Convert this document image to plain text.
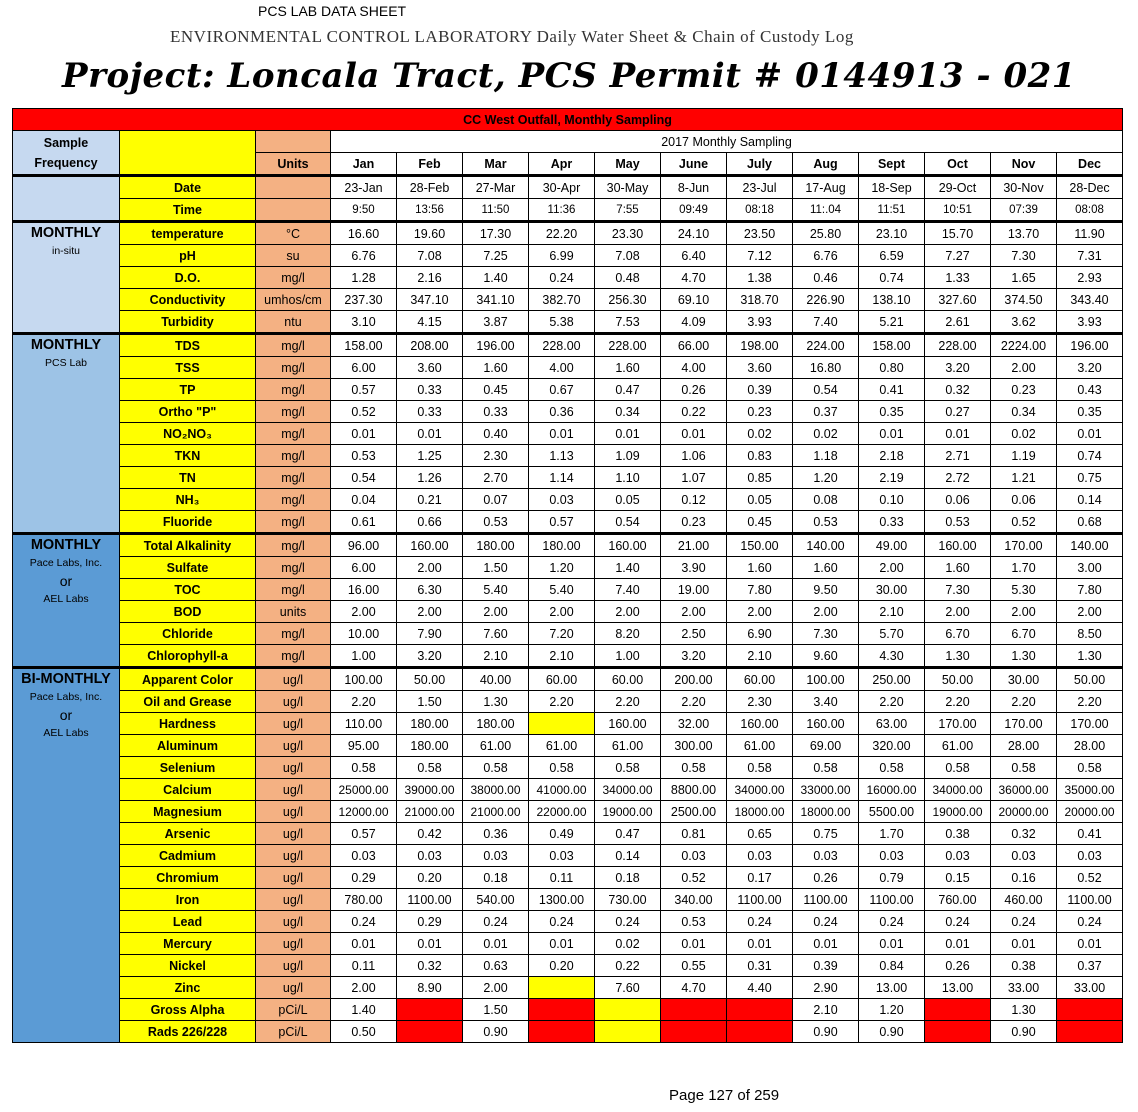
PCS LAB DATA SHEET
ENVIRONMENTAL CONTROL LABORATORY Daily Water Sheet & Chain of Custody Log
Project: Loncala Tract, PCS Permit # 0144913 - 021
CC West Outfall, Monthly Sampling														

Sample
Frequency			2017 Monthly Sampling											
		Units	Jan	Feb	Mar	Apr	May	June	July	Aug	Sept	Oct	Nov	Dec
	Date		23-Jan	28-Feb	27-Mar	30-Apr	30-May	8-Jun	23-Jul	17-Aug	18-Sep	29-Oct	30-Nov	28-Dec
	Time		9:50	13:56	11:50	11:36	7:55	09:49	08:18	11:.04	11:51	10:51	07:39	08:08

MONTHLY
in-situ	temperature	°C	16.60	19.60	17.30	22.20	23.30	24.10	23.50	25.80	23.10	15.70	13.70	11.90
	pH	su	6.76	7.08	7.25	6.99	7.08	6.40	7.12	6.76	6.59	7.27	7.30	7.31
	D.O.	mg/l	1.28	2.16	1.40	0.24	0.48	4.70	1.38	0.46	0.74	1.33	1.65	2.93
	Conductivity	umhos/cm	237.30	347.10	341.10	382.70	256.30	69.10	318.70	226.90	138.10	327.60	374.50	343.40
	Turbidity	ntu	3.10	4.15	3.87	5.38	7.53	4.09	3.93	7.40	5.21	2.61	3.62	3.93

MONTHLY
PCS Lab	TDS	mg/l	158.00	208.00	196.00	228.00	228.00	66.00	198.00	224.00	158.00	228.00	2224.00	196.00
	TSS	mg/l	6.00	3.60	1.60	4.00	1.60	4.00	3.60	16.80	0.80	3.20	2.00	3.20
	TP	mg/l	0.57	0.33	0.45	0.67	0.47	0.26	0.39	0.54	0.41	0.32	0.23	0.43
	Ortho "P"	mg/l	0.52	0.33	0.33	0.36	0.34	0.22	0.23	0.37	0.35	0.27	0.34	0.35
	NO₂NO₃	mg/l	0.01	0.01	0.40	0.01	0.01	0.01	0.02	0.02	0.01	0.01	0.02	0.01
	TKN	mg/l	0.53	1.25	2.30	1.13	1.09	1.06	0.83	1.18	2.18	2.71	1.19	0.74
	TN	mg/l	0.54	1.26	2.70	1.14	1.10	1.07	0.85	1.20	2.19	2.72	1.21	0.75
	NH₃	mg/l	0.04	0.21	0.07	0.03	0.05	0.12	0.05	0.08	0.10	0.06	0.06	0.14
	Fluoride	mg/l	0.61	0.66	0.53	0.57	0.54	0.23	0.45	0.53	0.33	0.53	0.52	0.68

MONTHLY
Pace Labs, Inc.
or
AEL Labs	Total Alkalinity	mg/l	96.00	160.00	180.00	180.00	160.00	21.00	150.00	140.00	49.00	160.00	170.00	140.00
	Sulfate	mg/l	6.00	2.00	1.50	1.20	1.40	3.90	1.60	1.60	2.00	1.60	1.70	3.00
	TOC	mg/l	16.00	6.30	5.40	5.40	7.40	19.00	7.80	9.50	30.00	7.30	5.30	7.80
	BOD	units	2.00	2.00	2.00	2.00	2.00	2.00	2.00	2.00	2.10	2.00	2.00	2.00
	Chloride	mg/l	10.00	7.90	7.60	7.20	8.20	2.50	6.90	7.30	5.70	6.70	6.70	8.50
	Chlorophyll-a	mg/l	1.00	3.20	2.10	2.10	1.00	3.20	2.10	9.60	4.30	1.30	1.30	1.30

BI-MONTHLY
Pace Labs, Inc.
or
AEL Labs	Apparent Color	ug/l	100.00	50.00	40.00	60.00	60.00	200.00	60.00	100.00	250.00	50.00	30.00	50.00
	Oil and Grease	ug/l	2.20	1.50	1.30	2.20	2.20	2.20	2.30	3.40	2.20	2.20	2.20	2.20
	Hardness	ug/l	110.00	180.00	180.00		160.00	32.00	160.00	160.00	63.00	170.00	170.00	170.00
	Aluminum	ug/l	95.00	180.00	61.00	61.00	61.00	300.00	61.00	69.00	320.00	61.00	28.00	28.00
	Selenium	ug/l	0.58	0.58	0.58	0.58	0.58	0.58	0.58	0.58	0.58	0.58	0.58	0.58
	Calcium	ug/l	25000.00	39000.00	38000.00	41000.00	34000.00	8800.00	34000.00	33000.00	16000.00	34000.00	36000.00	35000.00
	Magnesium	ug/l	12000.00	21000.00	21000.00	22000.00	19000.00	2500.00	18000.00	18000.00	5500.00	19000.00	20000.00	20000.00
	Arsenic	ug/l	0.57	0.42	0.36	0.49	0.47	0.81	0.65	0.75	1.70	0.38	0.32	0.41
	Cadmium	ug/l	0.03	0.03	0.03	0.03	0.14	0.03	0.03	0.03	0.03	0.03	0.03	0.03
	Chromium	ug/l	0.29	0.20	0.18	0.11	0.18	0.52	0.17	0.26	0.79	0.15	0.16	0.52
	Iron	ug/l	780.00	1100.00	540.00	1300.00	730.00	340.00	1100.00	1100.00	1100.00	760.00	460.00	1100.00
	Lead	ug/l	0.24	0.29	0.24	0.24	0.24	0.53	0.24	0.24	0.24	0.24	0.24	0.24
	Mercury	ug/l	0.01	0.01	0.01	0.01	0.02	0.01	0.01	0.01	0.01	0.01	0.01	0.01
	Nickel	ug/l	0.11	0.32	0.63	0.20	0.22	0.55	0.31	0.39	0.84	0.26	0.38	0.37
	Zinc	ug/l	2.00	8.90	2.00		7.60	4.70	4.40	2.90	13.00	13.00	33.00	33.00
	Gross Alpha	pCi/L	1.40		1.50					2.10	1.20		1.30	
	Rads 226/228	pCi/L	0.50		0.90					0.90	0.90		0.90	
Page 127 of 259
